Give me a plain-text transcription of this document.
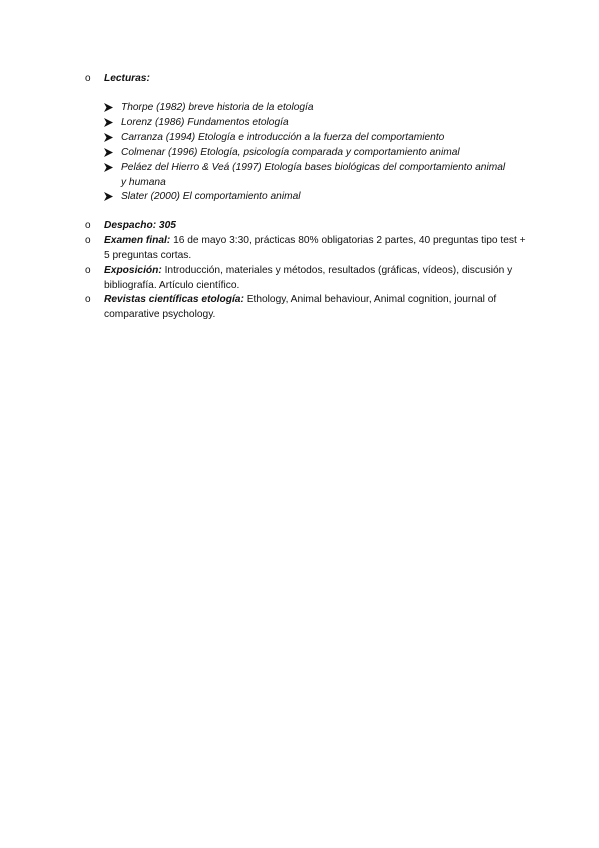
o	Lecturas:
Thorpe (1982) breve historia de la etología
Lorenz (1986) Fundamentos etología
Carranza (1994) Etología e introducción a la fuerza del comportamiento
Colmenar (1996) Etología, psicología comparada y comportamiento animal
Peláez del Hierro & Veá (1997) Etología bases biológicas del comportamiento animal y humana
Slater (2000) El comportamiento animal
o	Despacho: 305
o	Examen final: 16 de mayo 3:30, prácticas 80% obligatorias 2 partes, 40 preguntas tipo test + 5 preguntas cortas.
o	Exposición: Introducción, materiales y métodos, resultados (gráficas, vídeos), discusión y bibliografía. Artículo científico.
o	Revistas científicas etología: Ethology, Animal behaviour, Animal cognition, journal of comparative psychology.
